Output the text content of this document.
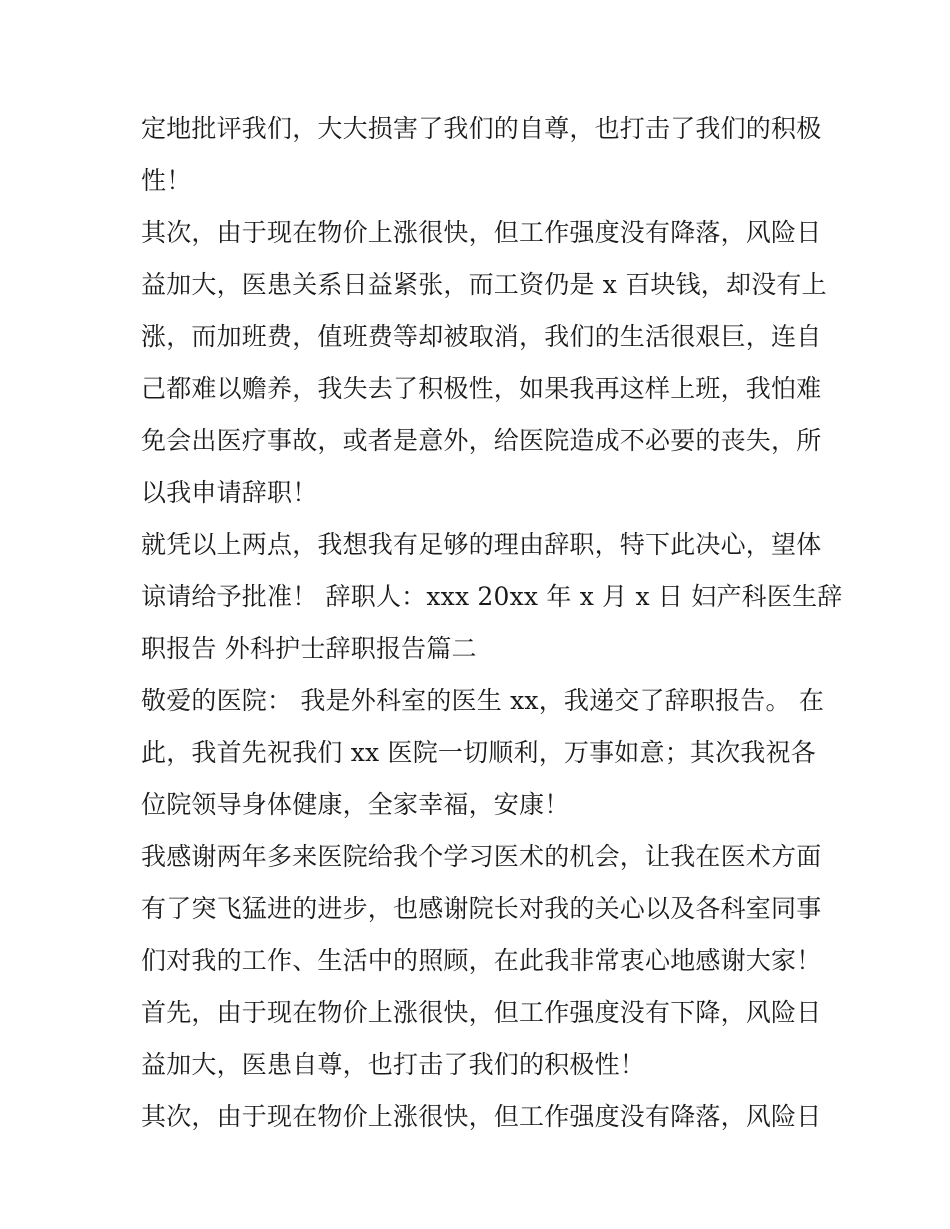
定地批评我们，大大损害了我们的自尊，也打击了我们的积极
性！
其次，由于现在物价上涨很快，但工作强度没有降落，风险日
益加大，医患关系日益紧张，而工资仍是 x 百块钱，却没有上
涨，而加班费，值班费等却被取消，我们的生活很艰巨，连自
己都难以赡养，我失去了积极性，如果我再这样上班，我怕难
免会出医疗事故，或者是意外，给医院造成不必要的丧失，所
以我申请辞职！
就凭以上两点，我想我有足够的理由辞职，特下此决心，望体
谅请给予批准！ 辞职人：xxx 20xx 年 x 月 x 日 妇产科医生辞
职报告 外科护士辞职报告篇二
敬爱的医院： 我是外科室的医生 xx，我递交了辞职报告。 在
此，我首先祝我们 xx 医院一切顺利，万事如意；其次我祝各
位院领导身体健康，全家幸福，安康！
我感谢两年多来医院给我个学习医术的机会，让我在医术方面
有了突飞猛进的进步，也感谢院长对我的关心以及各科室同事
们对我的工作、生活中的照顾，在此我非常衷心地感谢大家！
首先，由于现在物价上涨很快，但工作强度没有下降，风险日
益加大，医患自尊，也打击了我们的积极性！
其次，由于现在物价上涨很快，但工作强度没有降落，风险日
